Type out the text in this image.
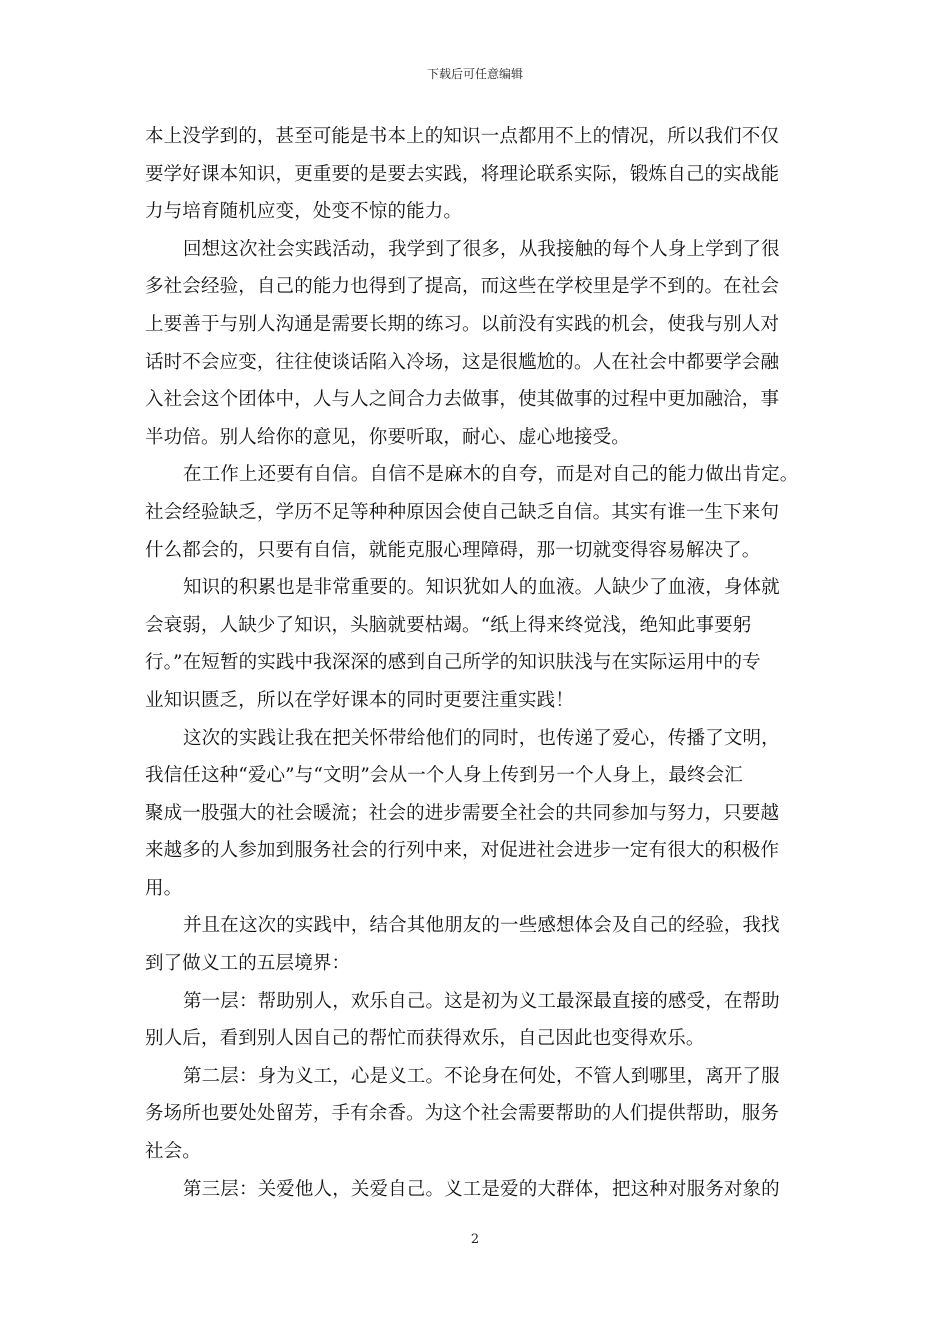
下载后可任意编辑
本上没学到的，甚至可能是书本上的知识一点都用不上的情况，所以我们不仅
要学好课本知识，更重要的是要去实践，将理论联系实际，锻炼自己的实战能
力与培育随机应变，处变不惊的能力。
回想这次社会实践活动，我学到了很多，从我接触的每个人身上学到了很
多社会经验，自己的能力也得到了提高，而这些在学校里是学不到的。在社会
上要善于与别人沟通是需要长期的练习。以前没有实践的机会，使我与别人对
话时不会应变，往往使谈话陷入冷场，这是很尴尬的。人在社会中都要学会融
入社会这个团体中，人与人之间合力去做事，使其做事的过程中更加融洽，事
半功倍。别人给你的意见，你要听取，耐心、虚心地接受。
在工作上还要有自信。自信不是麻木的自夸，而是对自己的能力做出肯定。
社会经验缺乏，学历不足等种种原因会使自己缺乏自信。其实有谁一生下来句
什么都会的，只要有自信，就能克服心理障碍，那一切就变得容易解决了。
知识的积累也是非常重要的。知识犹如人的血液。人缺少了血液，身体就
会衰弱，人缺少了知识，头脑就要枯竭。“纸上得来终觉浅，绝知此事要躬
行。”在短暂的实践中我深深的感到自己所学的知识肤浅与在实际运用中的专
业知识匮乏，所以在学好课本的同时更要注重实践！
这次的实践让我在把关怀带给他们的同时，也传递了爱心，传播了文明，
我信任这种“爱心”与“文明”会从一个人身上传到另一个人身上，最终会汇
聚成一股强大的社会暖流；社会的进步需要全社会的共同参加与努力，只要越
来越多的人参加到服务社会的行列中来，对促进社会进步一定有很大的积极作
用。
并且在这次的实践中，结合其他朋友的一些感想体会及自己的经验，我找
到了做义工的五层境界：
第一层：帮助别人，欢乐自己。这是初为义工最深最直接的感受，在帮助
别人后，看到别人因自己的帮忙而获得欢乐，自己因此也变得欢乐。
第二层：身为义工，心是义工。不论身在何处，不管人到哪里，离开了服
务场所也要处处留芳，手有余香。为这个社会需要帮助的人们提供帮助，服务
社会。
第三层：关爱他人，关爱自己。义工是爱的大群体，把这种对服务对象的
2
